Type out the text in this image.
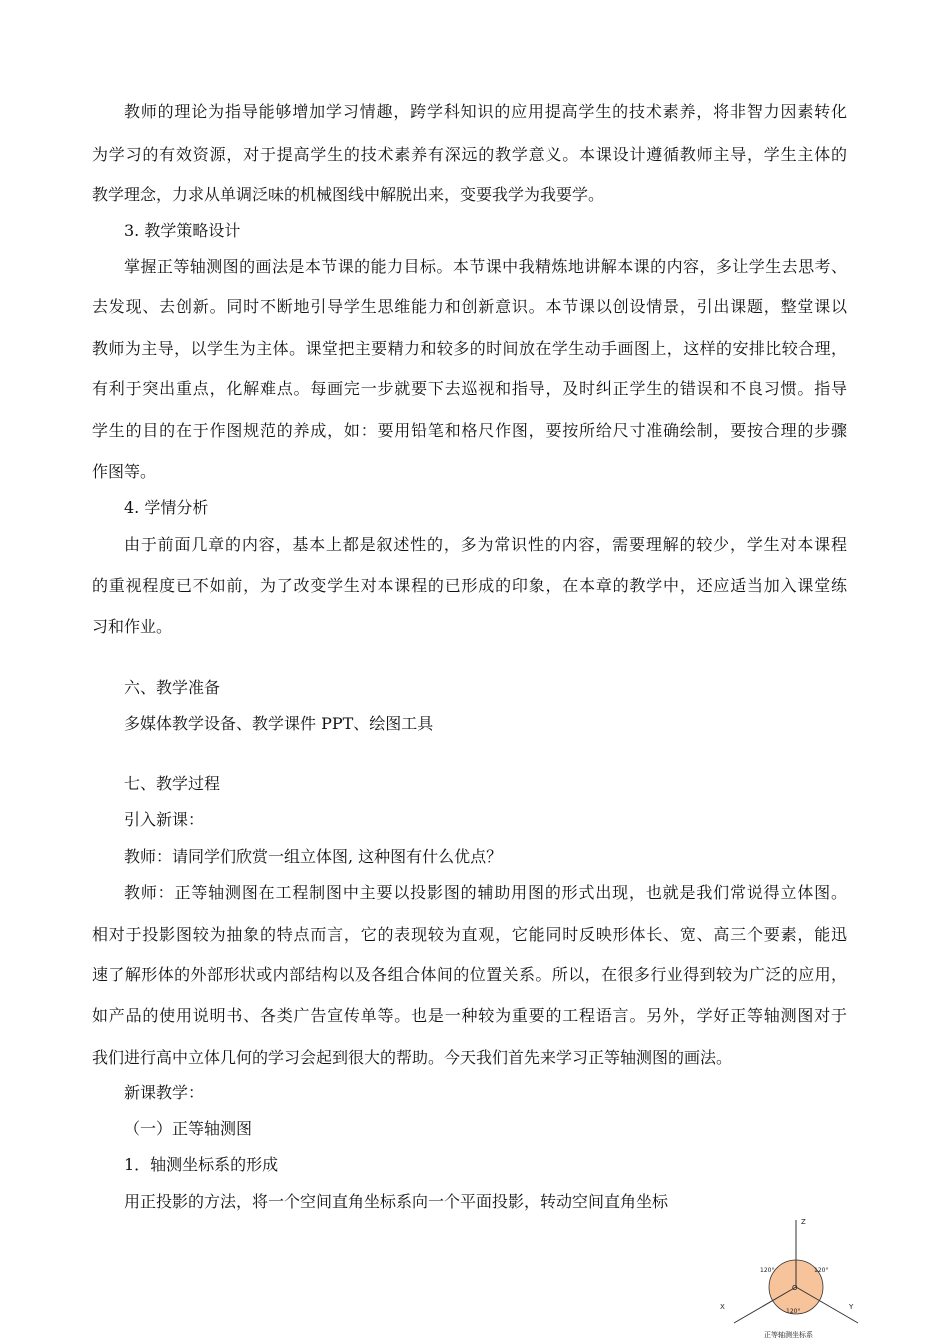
教师的理论为指导能够增加学习情趣，跨学科知识的应用提高学生的技术素养，将非智力因素转化
为学习的有效资源，对于提高学生的技术素养有深远的教学意义。本课设计遵循教师主导，学生主体的
教学理念，力求从单调泛味的机械图线中解脱出来，变要我学为我要学。
3. 教学策略设计
掌握正等轴测图的画法是本节课的能力目标。本节课中我精炼地讲解本课的内容，多让学生去思考、
去发现、去创新。同时不断地引导学生思维能力和创新意识。本节课以创设情景，引出课题，整堂课以
教师为主导，以学生为主体。课堂把主要精力和较多的时间放在学生动手画图上，这样的安排比较合理，
有利于突出重点，化解难点。每画完一步就要下去巡视和指导，及时纠正学生的错误和不良习惯。指导
学生的目的在于作图规范的养成，如：要用铅笔和格尺作图，要按所给尺寸准确绘制，要按合理的步骤
作图等。
4. 学情分析
由于前面几章的内容，基本上都是叙述性的，多为常识性的内容，需要理解的较少，学生对本课程
的重视程度已不如前，为了改变学生对本课程的已形成的印象，在本章的教学中，还应适当加入课堂练
习和作业。
六、教学准备
多媒体教学设备、教学课件 PPT、绘图工具
七、教学过程
引入新课：
教师：请同学们欣赏一组立体图, 这种图有什么优点？
教师：正等轴测图在工程制图中主要以投影图的辅助用图的形式出现，也就是我们常说得立体图。
相对于投影图较为抽象的特点而言，它的表现较为直观，它能同时反映形体长、宽、高三个要素，能迅
速了解形体的外部形状或内部结构以及各组合体间的位置关系。所以，在很多行业得到较为广泛的应用，
如产品的使用说明书、各类广告宣传单等。也是一种较为重要的工程语言。另外，学好正等轴测图对于
我们进行高中立体几何的学习会起到很大的帮助。今天我们首先来学习正等轴测图的画法。
新课教学：
（一）正等轴测图
1．轴测坐标系的形成
用正投影的方法，将一个空间直角坐标系向一个平面投影，转动空间直角坐标
Z
X	Y
O
120°	120°
120°
正等轴测坐标系
